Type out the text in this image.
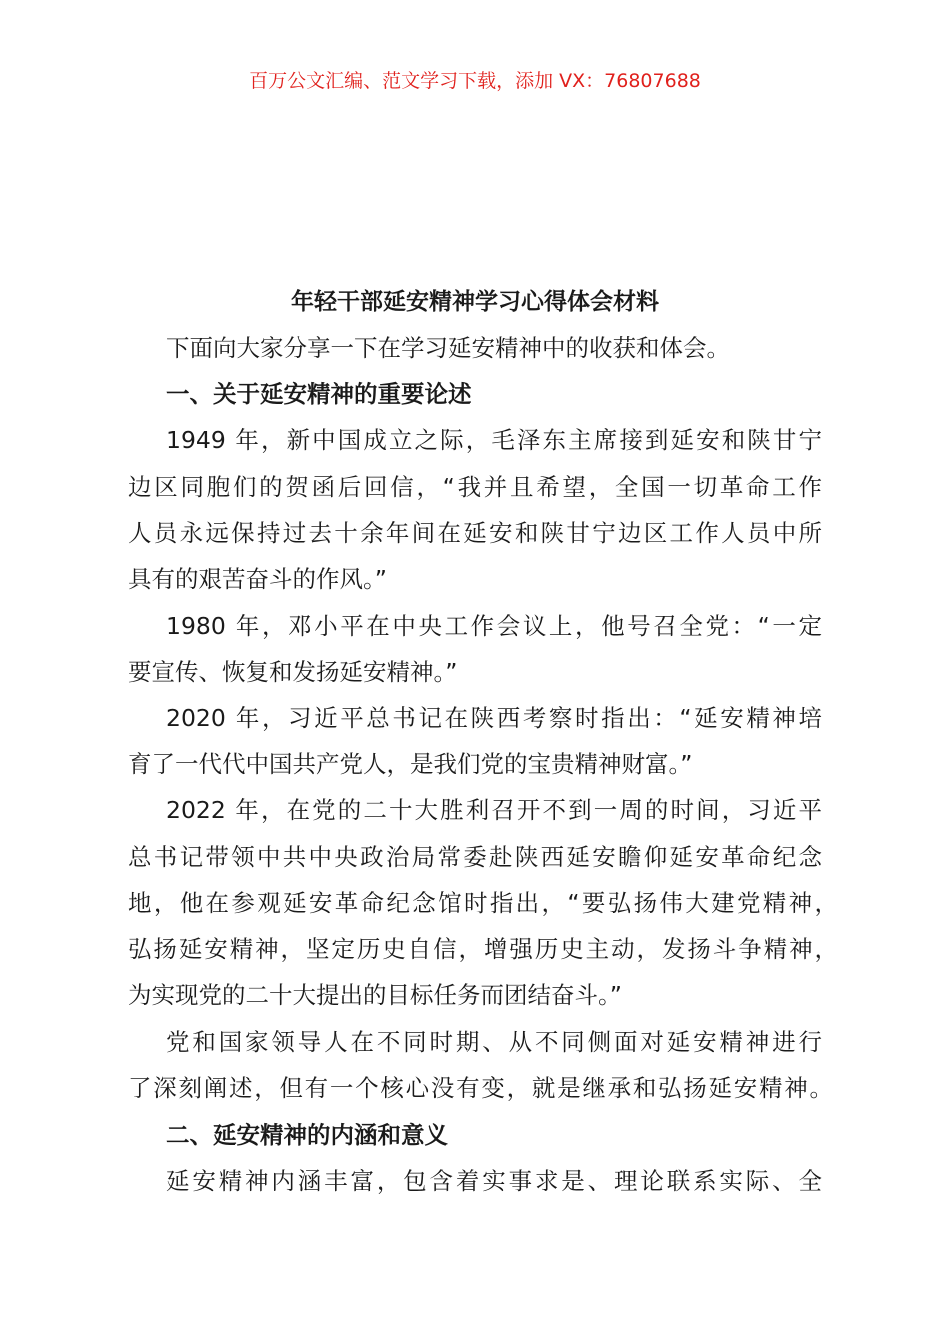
百万公文汇编、范文学习下载，添加 VX：76807688
年轻干部延安精神学习心得体会材料
下面向大家分享一下在学习延安精神中的收获和体会。
一、关于延安精神的重要论述
1949 年，新中国成立之际，毛泽东主席接到延安和陕甘宁
边区同胞们的贺函后回信，“我并且希望，全国一切革命工作
人员永远保持过去十余年间在延安和陕甘宁边区工作人员中所
具有的艰苦奋斗的作风。”
1980 年，邓小平在中央工作会议上，他号召全党：“一定
要宣传、恢复和发扬延安精神。”
2020 年，习近平总书记在陕西考察时指出：“延安精神培
育了一代代中国共产党人，是我们党的宝贵精神财富。”
2022 年，在党的二十大胜利召开不到一周的时间，习近平
总书记带领中共中央政治局常委赴陕西延安瞻仰延安革命纪念
地，他在参观延安革命纪念馆时指出，“要弘扬伟大建党精神，
弘扬延安精神，坚定历史自信，增强历史主动，发扬斗争精神，
为实现党的二十大提出的目标任务而团结奋斗。”
党和国家领导人在不同时期、从不同侧面对延安精神进行
了深刻阐述，但有一个核心没有变，就是继承和弘扬延安精神。
二、延安精神的内涵和意义
延安精神内涵丰富，包含着实事求是、理论联系实际、全
